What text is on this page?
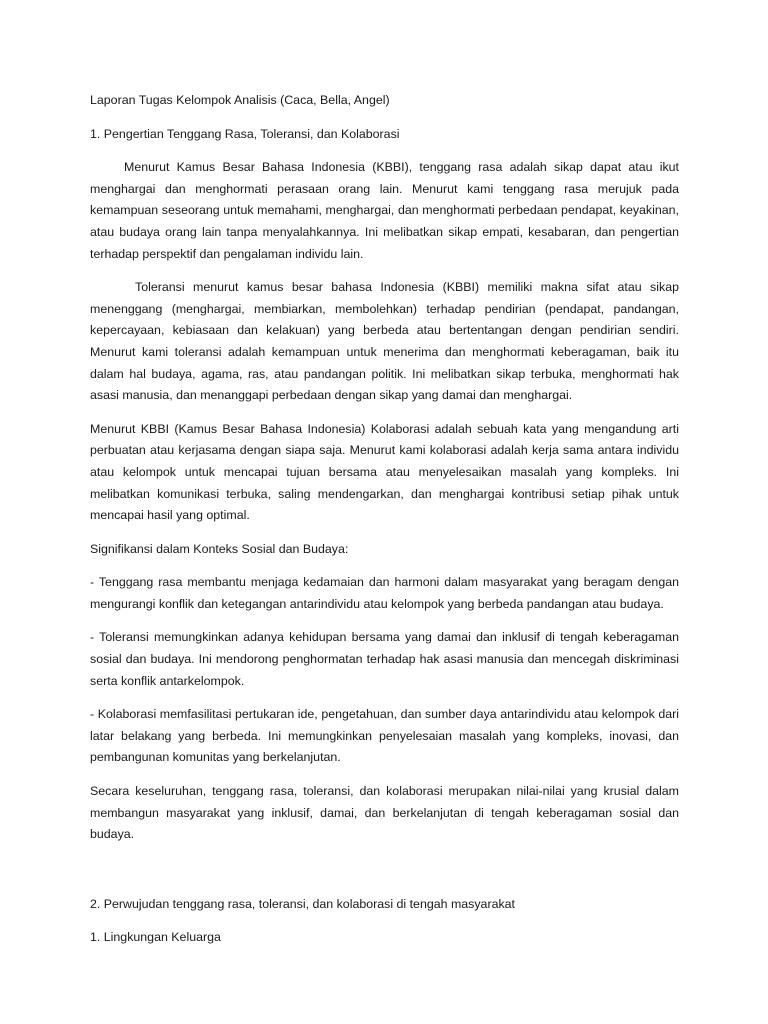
Laporan Tugas Kelompok Analisis (Caca, Bella, Angel)

1. Pengertian Tenggang Rasa, Toleransi, dan Kolaborasi

Menurut Kamus Besar Bahasa Indonesia (KBBI), tenggang rasa adalah sikap dapat atau ikut menghargai dan menghormati perasaan orang lain. Menurut kami tenggang rasa merujuk pada kemampuan seseorang untuk memahami, menghargai, dan menghormati perbedaan pendapat, keyakinan, atau budaya orang lain tanpa menyalahkannya. Ini melibatkan sikap empati, kesabaran, dan pengertian terhadap perspektif dan pengalaman individu lain.

Toleransi menurut kamus besar bahasa Indonesia (KBBI) memiliki makna sifat atau sikap menenggang (menghargai, membiarkan, membolehkan) terhadap pendirian (pendapat, pandangan, kepercayaan, kebiasaan dan kelakuan) yang berbeda atau bertentangan dengan pendirian sendiri. Menurut kami toleransi adalah kemampuan untuk menerima dan menghormati keberagaman, baik itu dalam hal budaya, agama, ras, atau pandangan politik. Ini melibatkan sikap terbuka, menghormati hak asasi manusia, dan menanggapi perbedaan dengan sikap yang damai dan menghargai.

Menurut KBBI (Kamus Besar Bahasa Indonesia) Kolaborasi adalah sebuah kata yang mengandung arti perbuatan atau kerjasama dengan siapa saja. Menurut kami kolaborasi adalah kerja sama antara individu atau kelompok untuk mencapai tujuan bersama atau menyelesaikan masalah yang kompleks. Ini melibatkan komunikasi terbuka, saling mendengarkan, dan menghargai kontribusi setiap pihak untuk mencapai hasil yang optimal.

Signifikansi dalam Konteks Sosial dan Budaya:

- Tenggang rasa membantu menjaga kedamaian dan harmoni dalam masyarakat yang beragam dengan mengurangi konflik dan ketegangan antarindividu atau kelompok yang berbeda pandangan atau budaya.

- Toleransi memungkinkan adanya kehidupan bersama yang damai dan inklusif di tengah keberagaman sosial dan budaya. Ini mendorong penghormatan terhadap hak asasi manusia dan mencegah diskriminasi serta konflik antarkelompok.

- Kolaborasi memfasilitasi pertukaran ide, pengetahuan, dan sumber daya antarindividu atau kelompok dari latar belakang yang berbeda. Ini memungkinkan penyelesaian masalah yang kompleks, inovasi, dan pembangunan komunitas yang berkelanjutan.

Secara keseluruhan, tenggang rasa, toleransi, dan kolaborasi merupakan nilai-nilai yang krusial dalam membangun masyarakat yang inklusif, damai, dan berkelanjutan di tengah keberagaman sosial dan budaya.

2. Perwujudan tenggang rasa, toleransi, dan kolaborasi di tengah masyarakat

1. Lingkungan Keluarga
